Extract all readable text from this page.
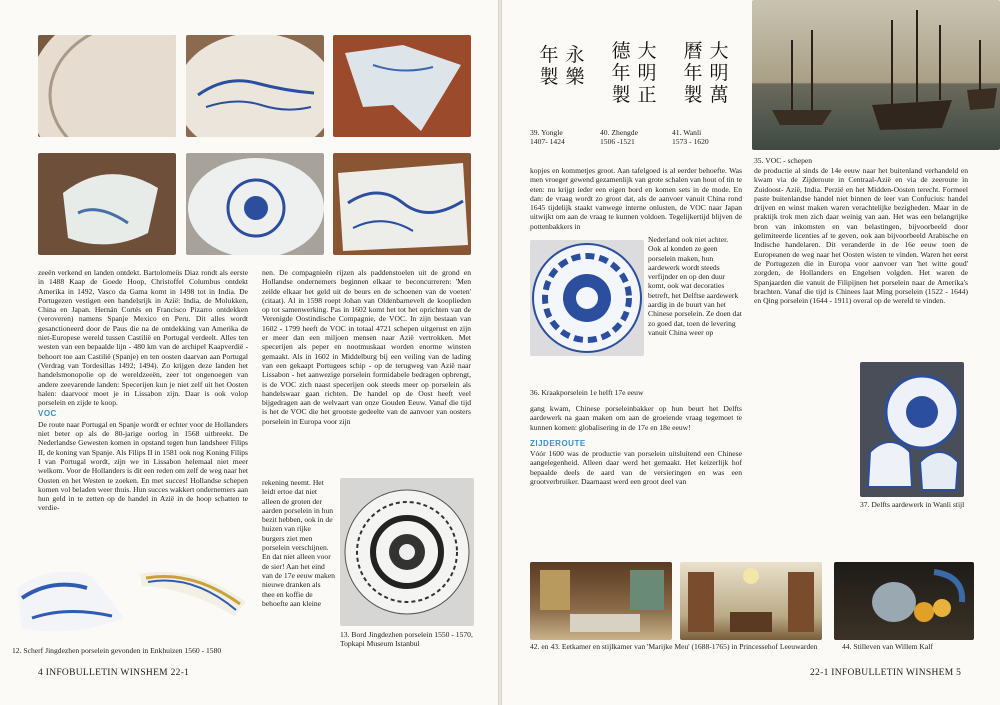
zeeën verkend en landen ontdekt. Bartolomeüs Diaz rondt als eerste in 1488 Kaap de Goede Hoop, Christoffel Columbus ontdekt Amerika in 1492, Vasco da Gama komt in 1498 tot in India. De Portugezen vestigen een handelsrijk in Azië: India, de Molukken, China en Japan. Hernán Cortés en Francisco Pizarro ontdekken (veroveren) namens Spanje Mexico en Peru. Dit alles wordt gesanctioneerd door de Paus die na de ontdekking van Amerika de niet-Europese wereld tussen Castilië en Portugal verdeelt. Alles ten westen van een bepaalde lijn - 480 km van de archipel Kaapverdië - behoort toe aan Castilië (Spanje) en ten oosten daarvan aan Portugal (Verdrag van Tordesillas 1492; 1494). Zo krijgen deze landen het handelsmonopolie op de wereldzeeën, zeer tot ongenoegen van andere zeevarende landen: Specerijen kun je niet zelf uit het Oosten halen: daarvoor moet je in Lissabon zijn. Daar is ook volop porselein en zijde te koop.

VOC

De route naar Portugal en Spanje wordt er echter voor de Hollanders niet beter op als de 80-jarige oorlog in 1568 uitbreekt. De Nederlandse Gewesten komen in opstand tegen hun landsheer Filips II, de koning van Spanje. Als Filips II in 1581 ook nog Koning Filips I van Portugal wordt, zijn we in Lissabon helemaal niet meer welkom. Voor de Hollanders is dit een reden om zelf de weg naar het Oosten en het Westen te zoeken. En met succes! Hollandse schepen komen vol beladen weer thuis. Hun succes wakkert ondernemers aan hun geld in te zetten op de handel in Azië in de hoop schatten te verdie-

nen. De compagnieën rijzen als paddenstoelen uit de grond en Hollandse ondernemers beginnen elkaar te beconcurreren: 'Men zeilde elkaar het geld uit de beurs en de schoenen van de voeten' (citaat). Al in 1598 roept Johan van Oldenbarnevelt de kooplieden op tot samenwerking. Pas in 1602 komt het tot het oprichten van de Verenigde Oostindische Compagnie, de VOC. In zijn bestaan van 1602 - 1799 heeft de VOC in totaal 4721 schepen uitgerust en zijn er meer dan een miljoen mensen naar Azië vertrokken. Met specerijen als peper en nootmuskaat worden enorme winsten gemaakt. Als in 1602 in Middelburg bij een veiling van de lading van een gekaapt Portugees schip - op de terugweg van Azië naar Lissabon - het aanwezige porselein formidabele bedragen opbrengt, is de VOC zich naast specerijen ook steeds meer op porselein als handelswaar gaan richten. De handel op de Oost heeft veel bijgedragen aan de welvaart van onze Gouden Eeuw. Vanaf die tijd is het de VOC die het grootste gedeelte van de aanvoer van oosters porselein in Europa voor zijn

rekening neemt. Het leidt ertoe dat niet alleen de groten der aarden porselein in hun bezit hebben, ook in de huizen van rijke burgers ziet men porselein verschijnen. En dat niet alleen voor de sier! Aan het eind van de 17e eeuw maken nieuwe dranken als thee en koffie de behoefte aan kleine

13. Bord Jingdezhen porselein 1550 - 1570, Topkapi Museum Istanbul
12. Scherf Jingdezhen porselein gevonden in Enkhuizen 1560 - 1580
4 INFOBULLETIN WINSHEM 22-1
永
樂
年
製
大
明
正
德
年
製
大
明
萬
曆
年
製
39. Yongle
1407- 1424
40. Zhengde
1506 -1521
41. Wanli
1573 - 1620
35. VOC - schepen

kopjes en kommetjes groot. Aan tafelgoed is al eerder behoefte. Was men vroeger gewend gezamenlijk van grote schalen van hout of tin te eten: nu krijgt ieder een eigen bord en komen sets in de mode. En dan: de vraag wordt zo groot dat, als de aanvoer vanuit China rond 1645 tijdelijk staakt vanwege interne onlusten, de VOC naar Japan uitwijkt om aan de vraag te kunnen voldoen. Tegelijkertijd blijven de pottenbakkers in

Nederland ook niet achter. Ook al konden ze geen porselein maken, hun aardewerk wordt steeds verfijnder en op den duur komt, ook wat decoraties betreft, het Delftse aardewerk aardig in de buurt van het Chinese porselein. Ze doen dat zo goed dat, toen de levering vanuit China weer op

36. Kraakporselein 1e helft 17e eeuw

gang kwam, Chinese porseleinbakker op hun beurt het Delfts aardewerk na gaan maken om aan de groeiende vraag tegemoet te kunnen komen: globalisering in de 17e en 18e eeuw!

ZIJDEROUTE

Vóór 1600 was de productie van porselein uitsluitend een Chinese aangelegenheid. Alleen daar werd het gemaakt. Het keizerlijk hof bepaalde deels de aard van de versieringen en was een grootverbruiker. Daarnaast werd een groot deel van

de productie al sinds de 14e eeuw naar het buitenland verhandeld en kwam via de Zijderoute in Centraal-Azië en via de zeeroute in Zuidoost- Azië, India. Perzië en het Midden-Oosten terecht. Formeel paste buitenlandse handel niet binnen de leer van Confucius: handel drijven en winst maken waren verachtelijke bezigheden. Maar in de praktijk trok men zich daar weinig van aan. Het was een belangrijke bron van inkomsten en van belastingen, bijvoorbeeld door gelimiteerde licenties af te geven, ook aan bijvoorbeeld Arabische en Indische handelaren. Dit veranderde in de 16e eeuw toen de Europeanen de weg naar het Oosten wisten te vinden. Waren het eerst de Portugezen die in Europa voor aanvoer van 'het witte goud' zorgden, de Hollanders en Engelsen volgden. Het waren de Spanjaarden die vanuit de Filipijnen het porselein naar de Amerika's brachten. Vanaf die tijd is Chinees laat Ming porselein (1522 - 1644) en Qing porselein (1644 - 1911) overal op de wereld te vinden.

37. Delfts aardewerk in Wanli stijl
42. en 43. Eetkamer en stijlkamer van 'Marijke Meu' (1688-1765) in Princessehof Leeuwarden	44. Stilleven van Willem Kalf
22-1 INFOBULLETIN WINSHEM 5
